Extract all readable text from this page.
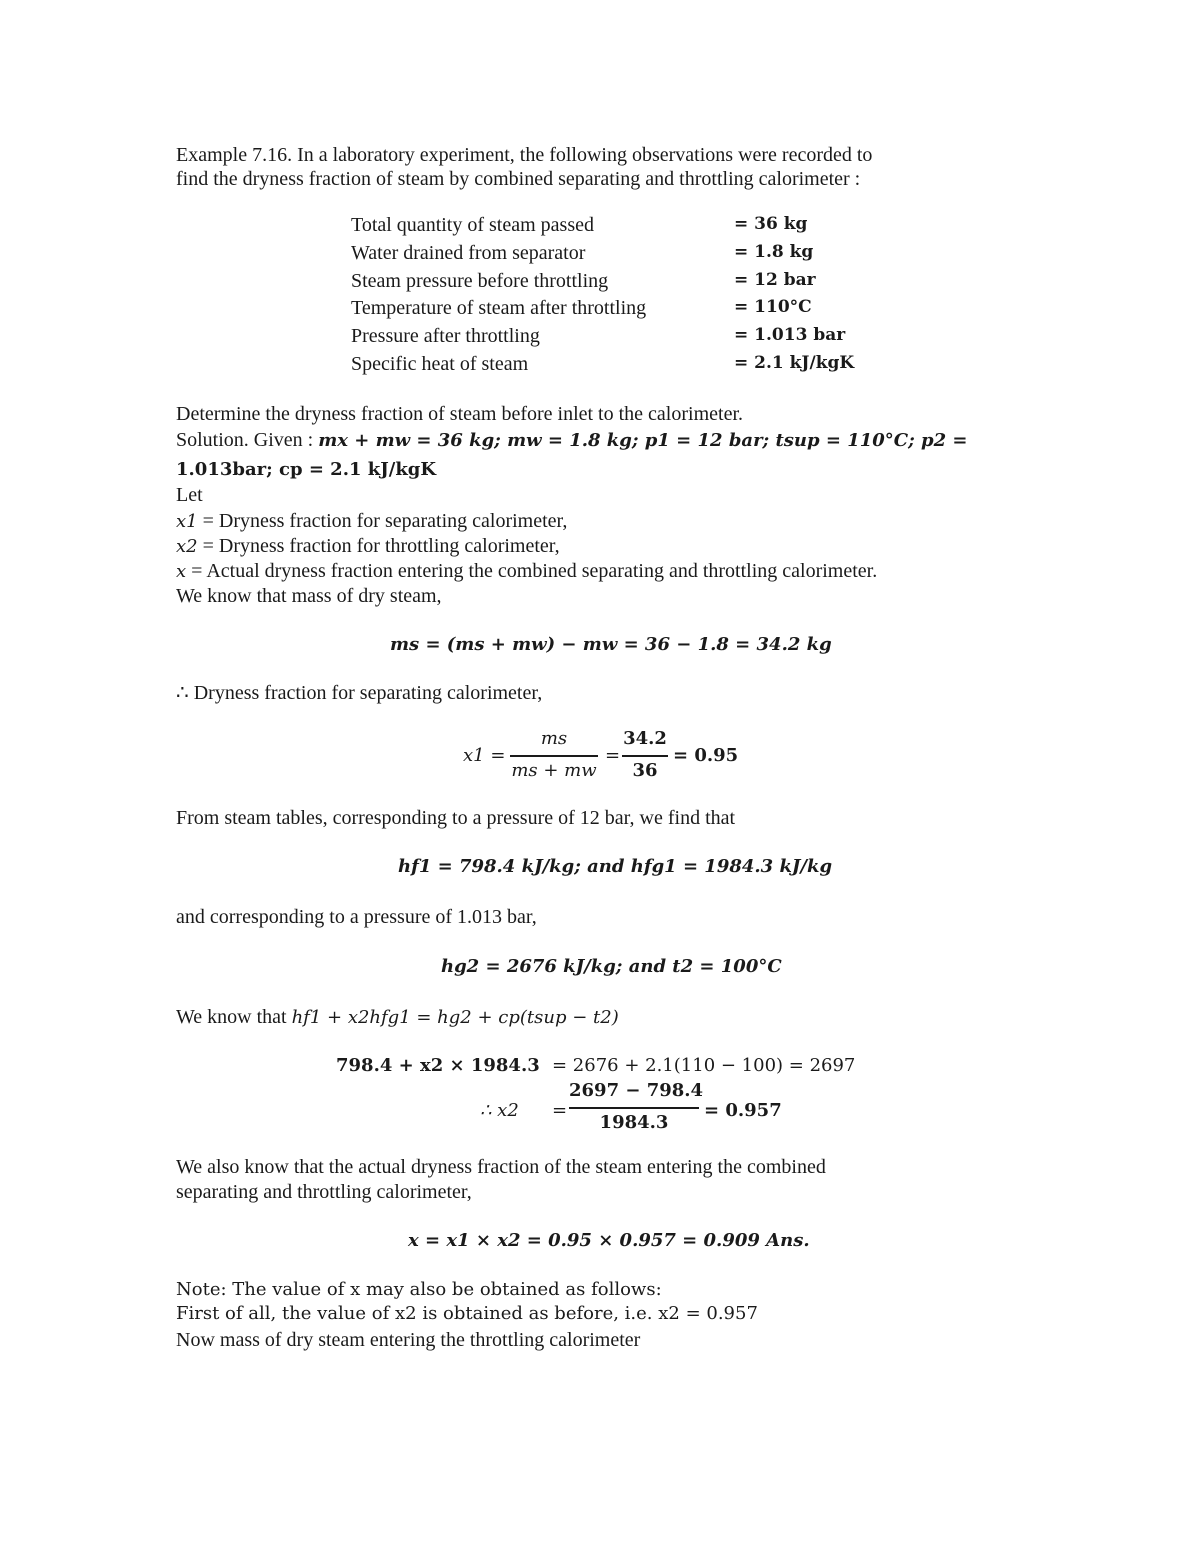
Example 7.16. In a laboratory experiment, the following observations were recorded to
find the dryness fraction of steam by combined separating and throttling calorimeter :
Total quantity of steam passed	= 36 kg
Water drained from separator	= 1.8 kg
Steam pressure before throttling	= 12 bar
Temperature of steam after throttling	= 110°C
Pressure after throttling	= 1.013 bar
Specific heat of steam	= 2.1 kJ/kgK
Determine the dryness fraction of steam before inlet to the calorimeter.
Solution. Given : mx + mw = 36 kg; mw = 1.8 kg; p1 = 12 bar; tsup = 110°C; p2 =
1.013bar; cp = 2.1 kJ/kgK
Let
x1 = Dryness fraction for separating calorimeter,
x2 = Dryness fraction for throttling calorimeter,
x = Actual dryness fraction entering the combined separating and throttling calorimeter.
We know that mass of dry steam,
ms = (ms + mw) − mw = 36 − 1.8 = 34.2 kg
∴ Dryness fraction for separating calorimeter,
x1 =
ms
ms + mw
=
34.2
36
= 0.95
From steam tables, corresponding to a pressure of 12 bar, we find that
hf1 = 798.4 kJ/kg; and hfg1 = 1984.3 kJ/kg
and corresponding to a pressure of 1.013 bar,
hg2 = 2676 kJ/kg; and t2 = 100°C
We know that hf1 + x2hfg1 = hg2 + cp(tsup − t2)
798.4 + x2 × 1984.3 = 2676 + 2.1(110 − 100) = 2697
∴ x2 =
2697 − 798.4
1984.3
= 0.957
We also know that the actual dryness fraction of the steam entering the combined
separating and throttling calorimeter,
x = x1 × x2 = 0.95 × 0.957 = 0.909 Ans.
Note: The value of x may also be obtained as follows:
First of all, the value of x2 is obtained as before, i.e. x2 = 0.957
Now mass of dry steam entering the throttling calorimeter
